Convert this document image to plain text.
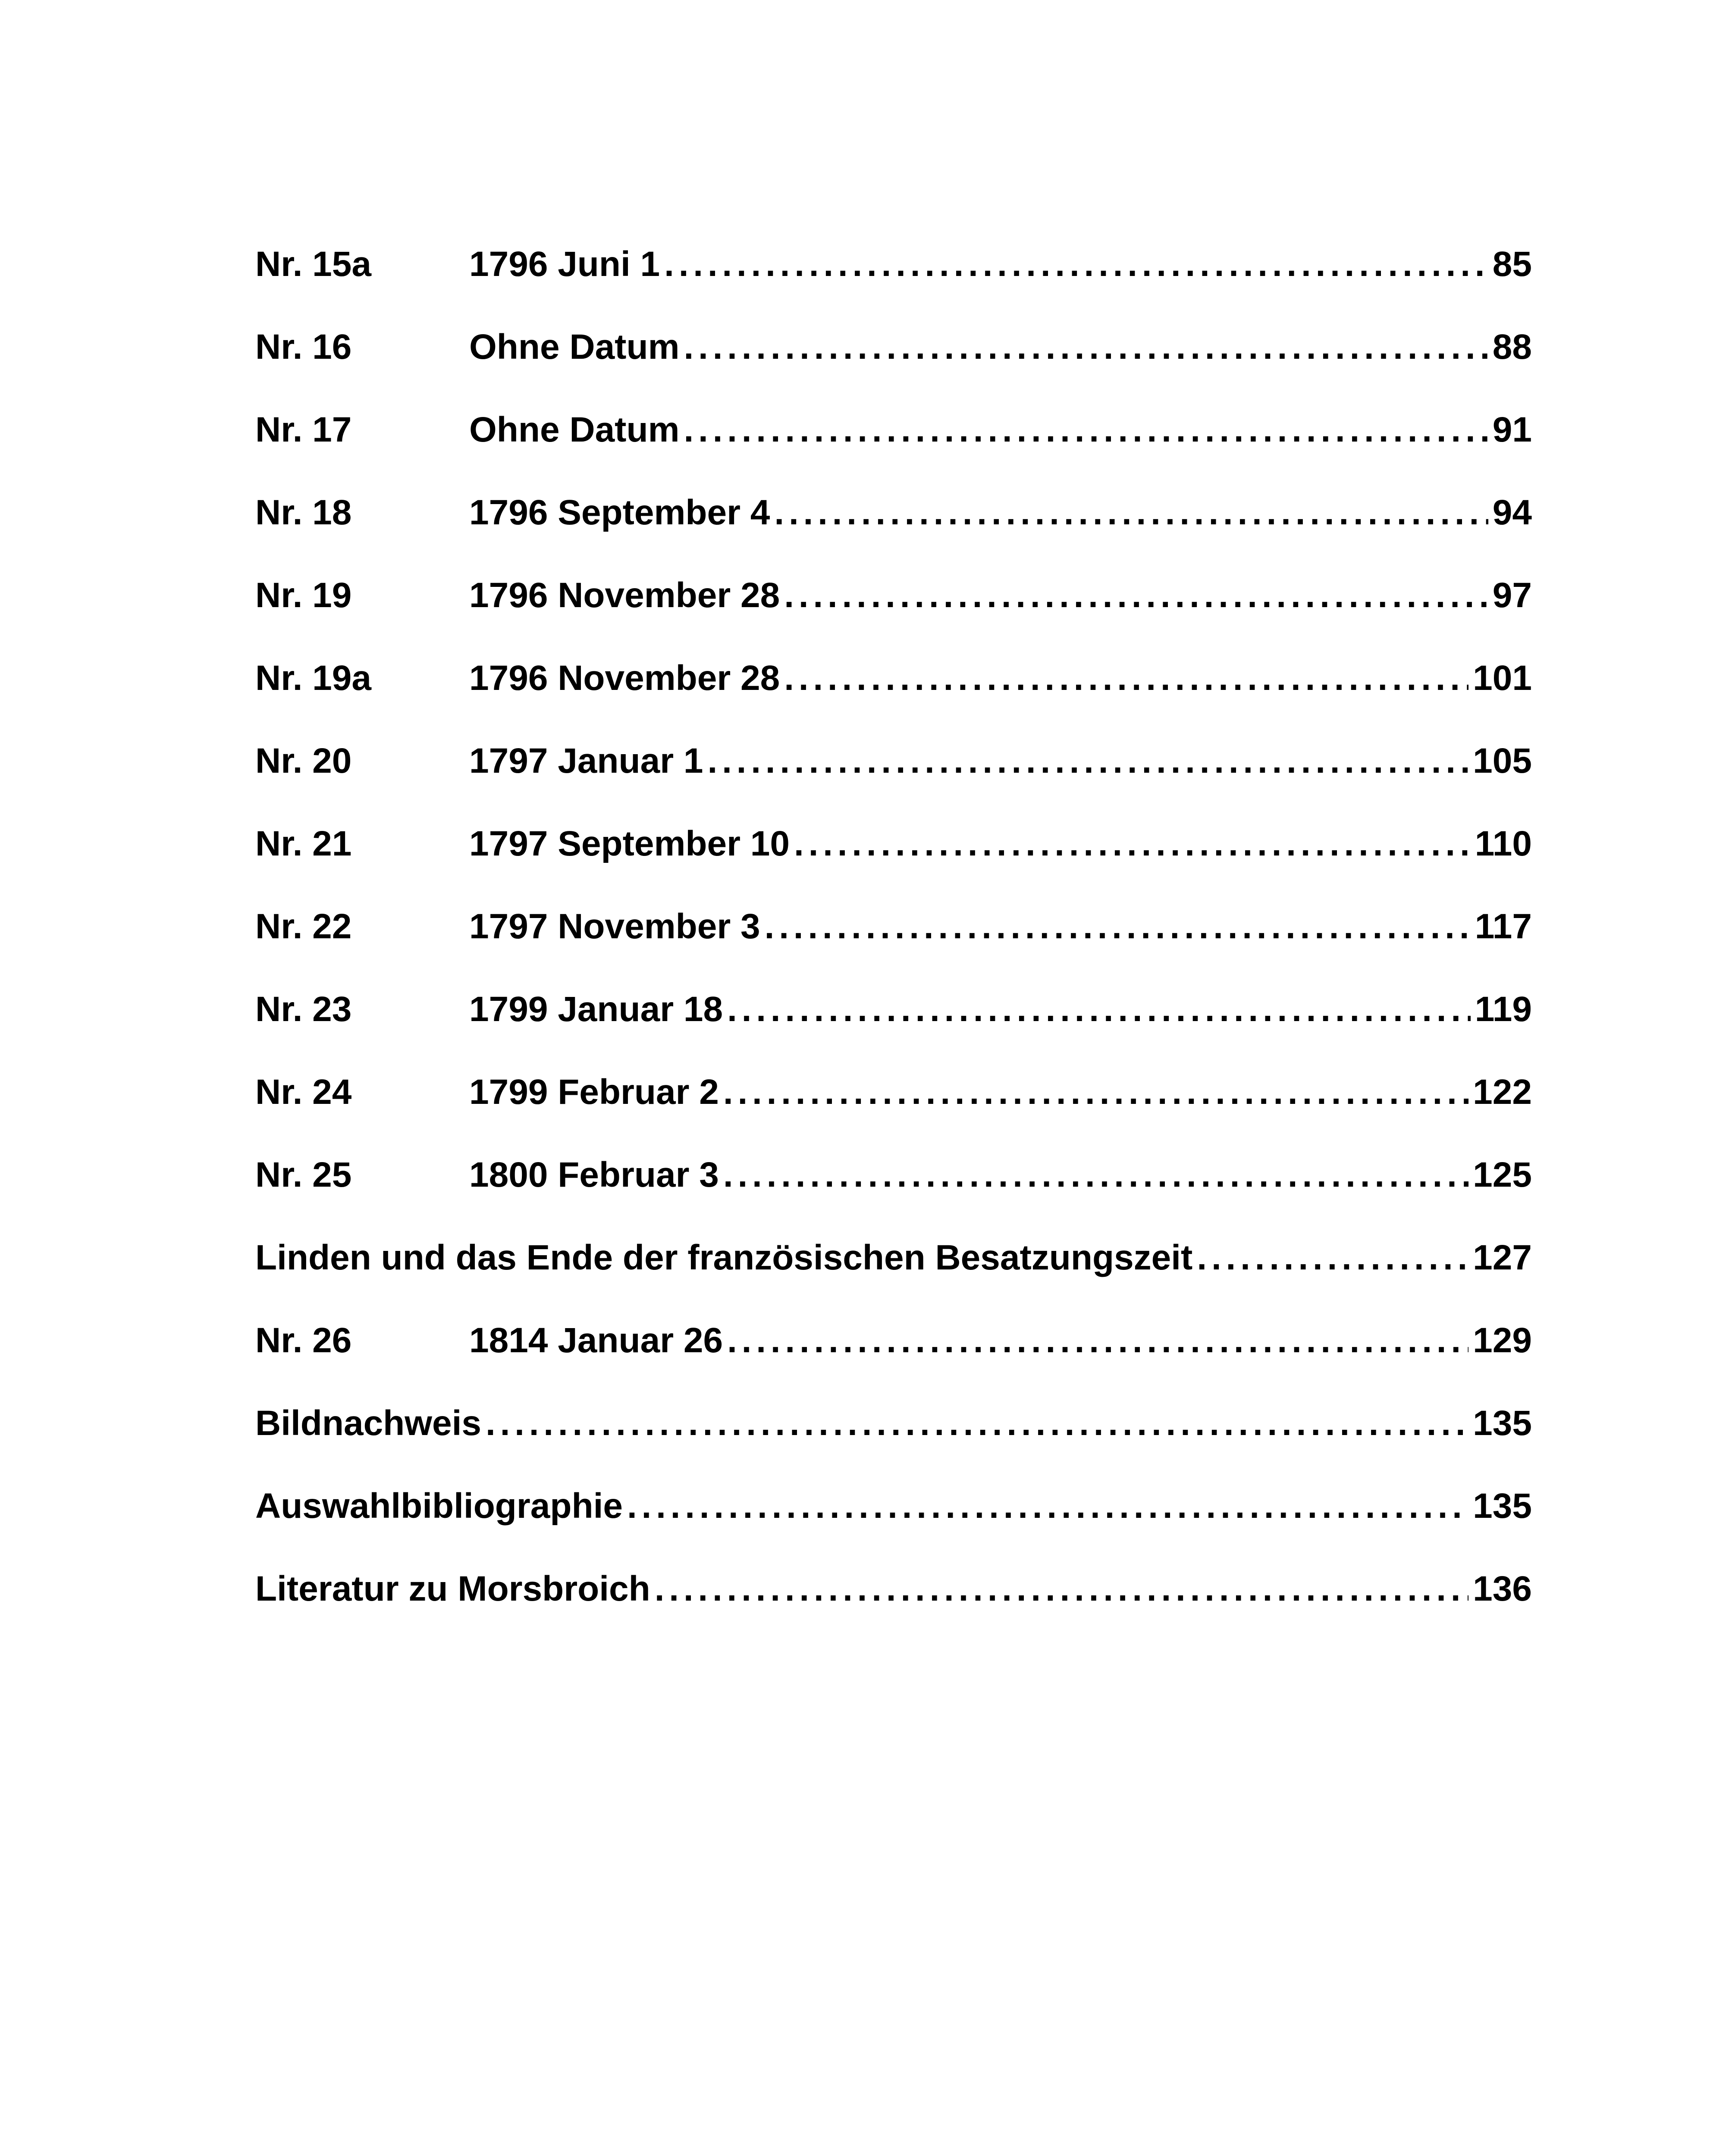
Nr. 15a	1796 Juni 1 . . .	85
Nr. 16	Ohne Datum . . .	88
Nr. 17	Ohne Datum . . .	91
Nr. 18	1796 September 4 . . .	94
Nr. 19	1796 November 28 . . .	97
Nr. 19a	1796 November 28 . . .	101
Nr. 20	1797 Januar 1 . . .	105
Nr. 21	1797 September 10 . . .	110
Nr. 22	1797 November 3 . . .	117
Nr. 23	1799 Januar 18 . . .	119
Nr. 24	1799 Februar 2 . . .	122
Nr. 25	1800 Februar 3 . . .	125
Linden und das Ende der französischen Besatzungszeit . . .	127
Nr. 26	1814 Januar 26 . . .	129
Bildnachweis . . .	135
Auswahlbibliographie . . .	135
Literatur zu Morsbroich . . .	136
